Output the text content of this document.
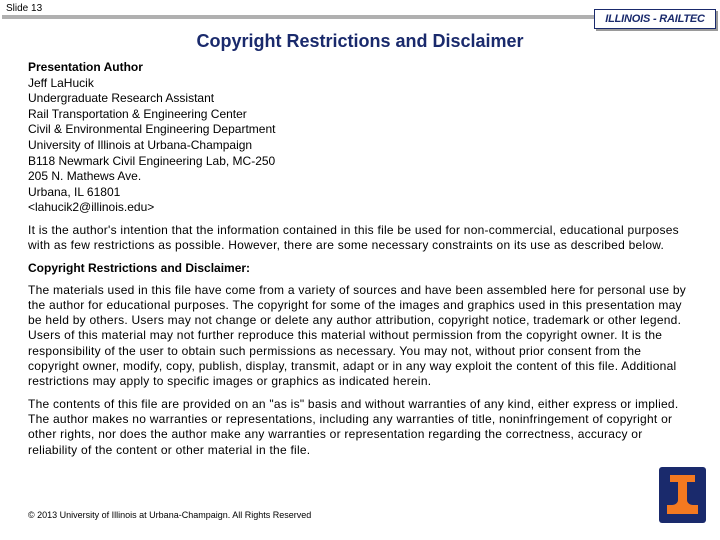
Slide 13
ILLINOIS - RAILTEC
Copyright Restrictions and Disclaimer
Presentation Author
Jeff LaHucik
Undergraduate Research Assistant
Rail Transportation & Engineering Center
Civil & Environmental Engineering Department
University of Illinois at Urbana-Champaign
B118 Newmark Civil Engineering Lab, MC-250
205 N. Mathews Ave.
Urbana, IL 61801
<lahucik2@illinois.edu>

It is the author's intention that the information contained in this file be used for non-commercial, educational purposes with as few restrictions as possible. However, there are some necessary constraints on its use as described below.

Copyright Restrictions and Disclaimer:

The materials used in this file have come from a variety of sources and have been assembled here for personal use by the author for educational purposes. The copyright for some of the images and graphics used in this presentation may be held by others. Users may not change or delete any author attribution, copyright notice, trademark or other legend. Users of this material may not further reproduce this material without permission from the copyright owner. It is the responsibility of the user to obtain such permissions as necessary. You may not, without prior consent from the copyright owner, modify, copy, publish, display, transmit, adapt or in any way exploit the content of this file. Additional restrictions may apply to specific images or graphics as indicated herein.

The contents of this file are provided on an "as is" basis and without warranties of any kind, either express or implied. The author makes no warranties or representations, including any warranties of title, noninfringement of copyright or other rights, nor does the author make any warranties or representation regarding the correctness, accuracy or reliability of the content or other material in the file.

© 2013 University of Illinois at Urbana-Champaign. All Rights Reserved
